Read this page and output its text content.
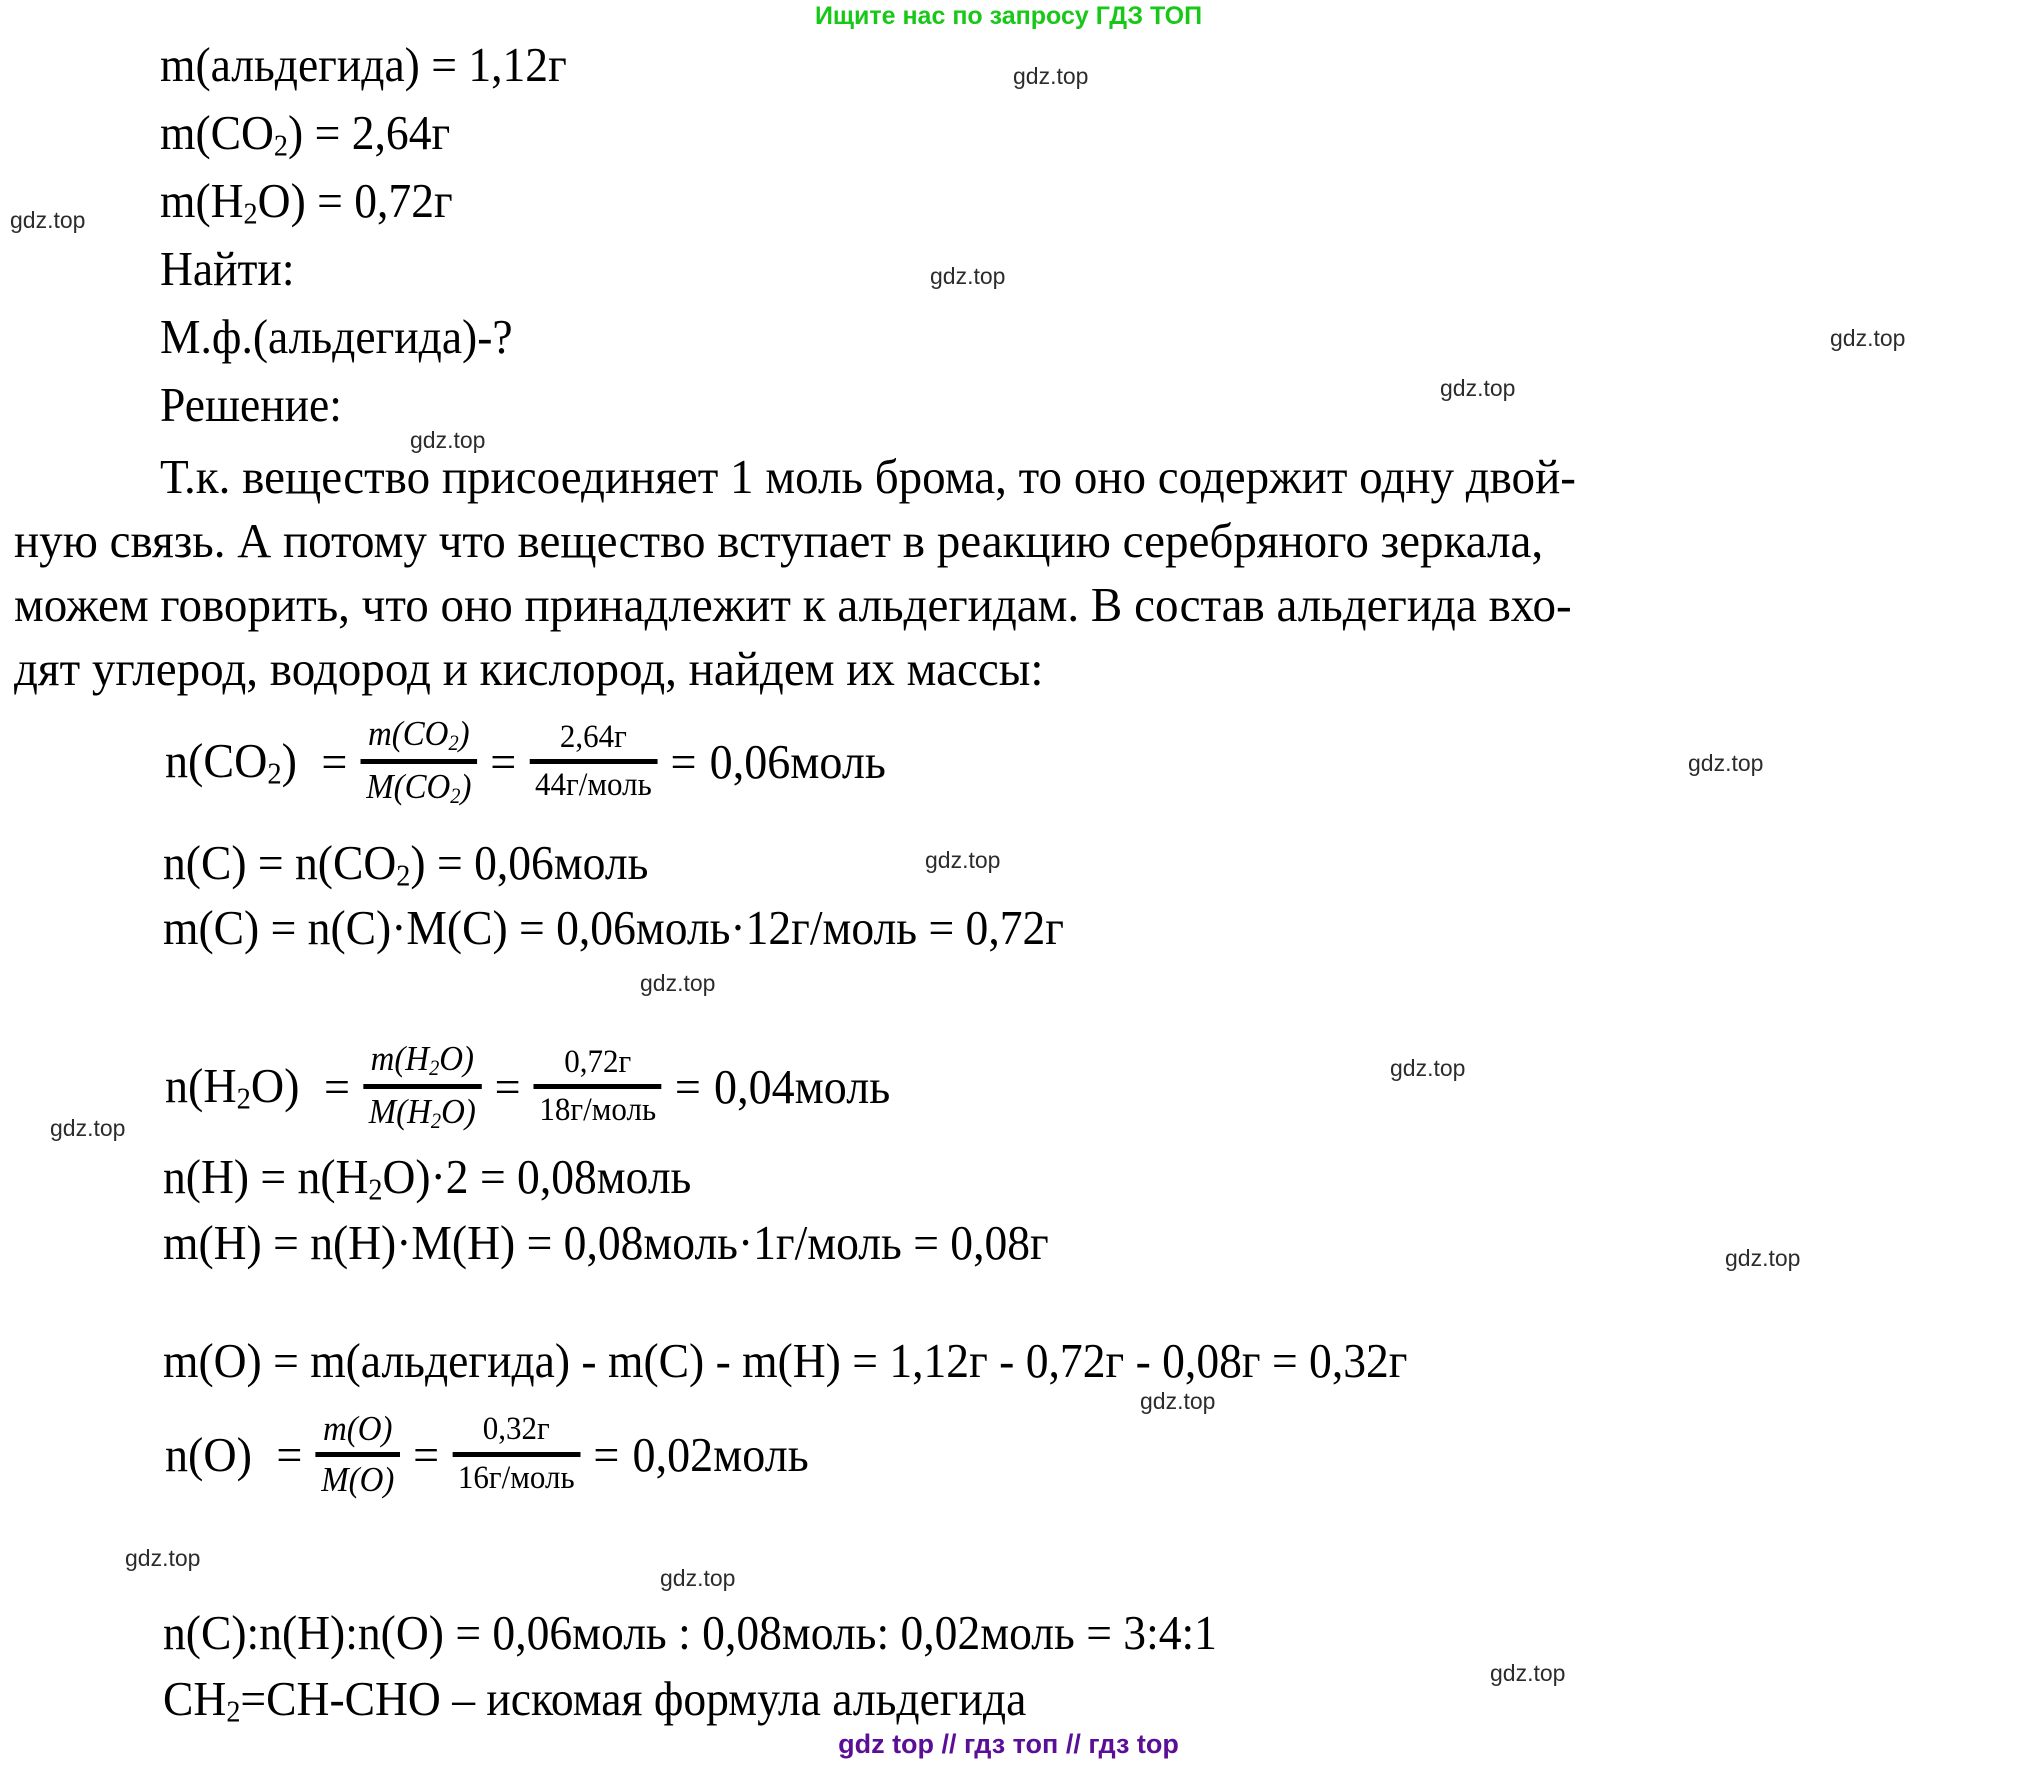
Ищите нас по запросу ГДЗ ТОП
m(альдегида) = 1,12г
$m(CO_2) = 2,64г$
$m(H_2O) = 0,72г$
Найти:
М.ф.(альдегида)-?
Решение:
Т.к. вещество присоединяет 1 моль брома, то оно содержит одну двой-
ную связь. А потому что вещество вступает в реакцию серебряного зеркала,
можем говорить, что оно принадлежит к альдегидам. В состав альдегида вхо-
дят углерод, водород и кислород, найдем их массы:
$n(CO_2)$ =
$m(CO_2)$
$M(CO_2)$ =	2,64г
44г/моль = 0,06моль
$n(C) = n(CO_2)$ = 0,06моль
m(C) = n(C)·M(C) = 0,06моль·12г/моль = 0,72г
$n(H_2O)$ =
$m(H_2O)$
$M(H_2O)$ =	0,72г
18г/моль = 0,04моль
$n(H) = n(H_2O)\cdot 2$ = 0,08моль
m(H) = n(H)·M(H) = 0,08моль·1г/моль = 0,08г
m(O) = m(альдегида) - m(C) - m(H) = 1,12г - 0,72г - 0,08г = 0,32г
n(O) = m(O)
M(O) =	0,32г
16г/моль = 0,02моль
n(C):n(H):n(O) = 0,06моль : 0,08моль: 0,02моль = 3:4:1
$CH_2=CH$-CHO – искомая формула альдегида
gdz top // гдз топ // гдз top
gdz.top
gdz.top
gdz.top
gdz.top
gdz.top
gdz.top
gdz.top
gdz.top
gdz.top
gdz.top
gdz.top
gdz.top
gdz.top
gdz.top
gdz.top
gdz.top
